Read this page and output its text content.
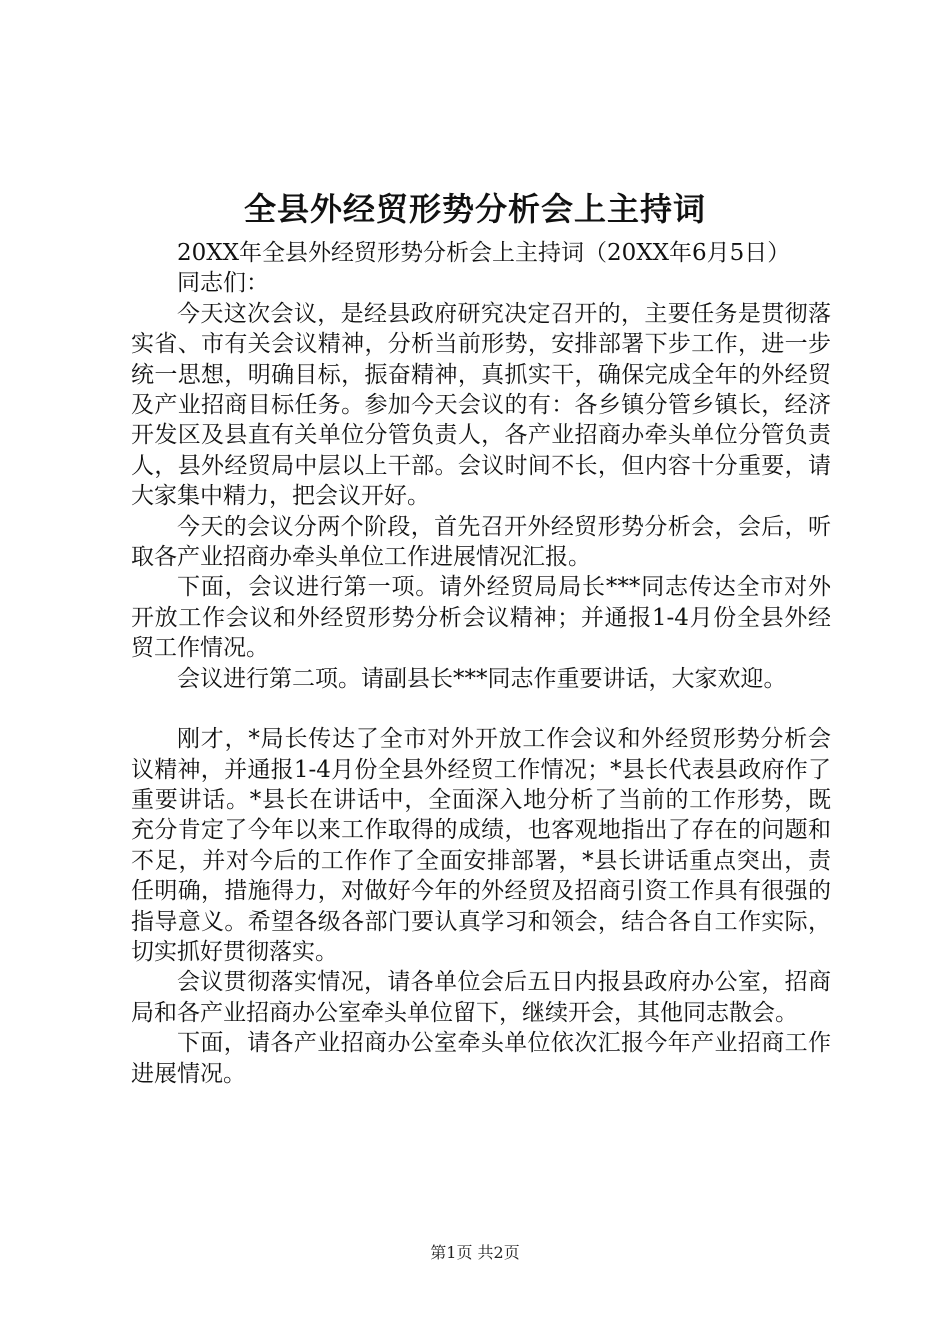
全县外经贸形势分析会上主持词

20XX年全县外经贸形势分析会上主持词（20XX年6月5日）

同志们：

今天这次会议，是经县政府研究决定召开的，主要任务是贯彻落实省、市有关会议精神，分析当前形势，安排部署下步工作，进一步统一思想，明确目标，振奋精神，真抓实干，确保完成全年的外经贸及产业招商目标任务。参加今天会议的有：各乡镇分管乡镇长，经济开发区及县直有关单位分管负责人，各产业招商办牵头单位分管负责人，县外经贸局中层以上干部。会议时间不长，但内容十分重要，请大家集中精力，把会议开好。

今天的会议分两个阶段，首先召开外经贸形势分析会，会后，听取各产业招商办牵头单位工作进展情况汇报。

下面，会议进行第一项。请外经贸局局长***同志传达全市对外开放工作会议和外经贸形势分析会议精神；并通报1-4月份全县外经贸工作情况。

会议进行第二项。请副县长***同志作重要讲话，大家欢迎。

刚才，*局长传达了全市对外开放工作会议和外经贸形势分析会议精神，并通报1-4月份全县外经贸工作情况；*县长代表县政府作了重要讲话。*县长在讲话中，全面深入地分析了当前的工作形势，既充分肯定了今年以来工作取得的成绩，也客观地指出了存在的问题和不足，并对今后的工作作了全面安排部署，*县长讲话重点突出，责任明确，措施得力，对做好今年的外经贸及招商引资工作具有很强的指导意义。希望各级各部门要认真学习和领会，结合各自工作实际，切实抓好贯彻落实。

会议贯彻落实情况，请各单位会后五日内报县政府办公室，招商局和各产业招商办公室牵头单位留下，继续开会，其他同志散会。

下面，请各产业招商办公室牵头单位依次汇报今年产业招商工作进展情况。

第1页 共2页
